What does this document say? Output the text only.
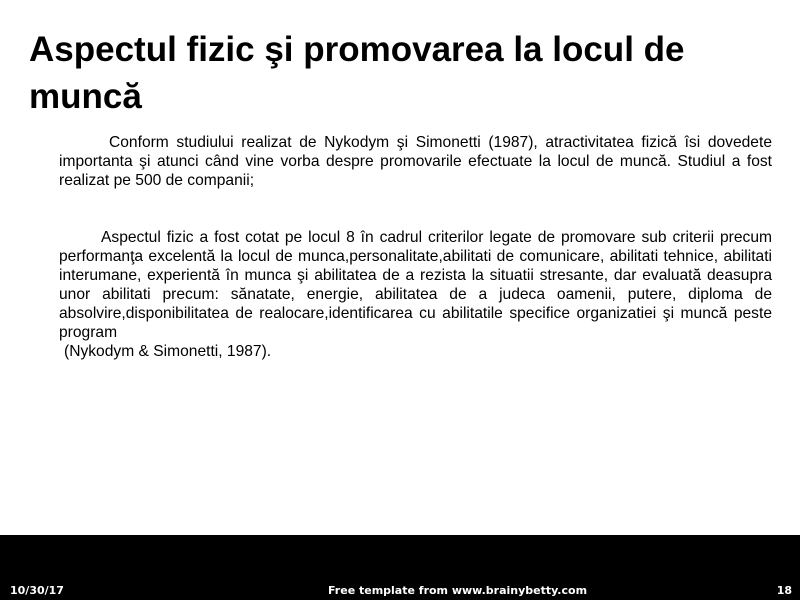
Aspectul fizic şi promovarea la locul de muncă

Conform studiului realizat de Nykodym şi Simonetti (1987), atractivitatea fizică îsi dovedete importanta şi atunci când vine vorba despre promovarile efectuate la locul de muncă. Studiul a fost realizat pe 500 de companii;

Aspectul fizic a fost cotat pe locul 8 în cadrul criterilor legate de promovare sub criterii precum performanţa excelentă la locul de munca,personalitate,abilitati de comunicare, abilitati tehnice, abilitati interumane, experientă în munca şi abilitatea de a rezista la situatii stresante, dar evaluată deasupra unor abilitati precum: sănatate, energie, abilitatea de a judeca oamenii, putere, diploma de absolvire,disponibilitatea de realocare,identificarea cu abilitatile specifice organizatiei şi muncă peste program

(Nykodym & Simonetti, 1987).

10/30/17	Free template from www.brainybetty.com	18
